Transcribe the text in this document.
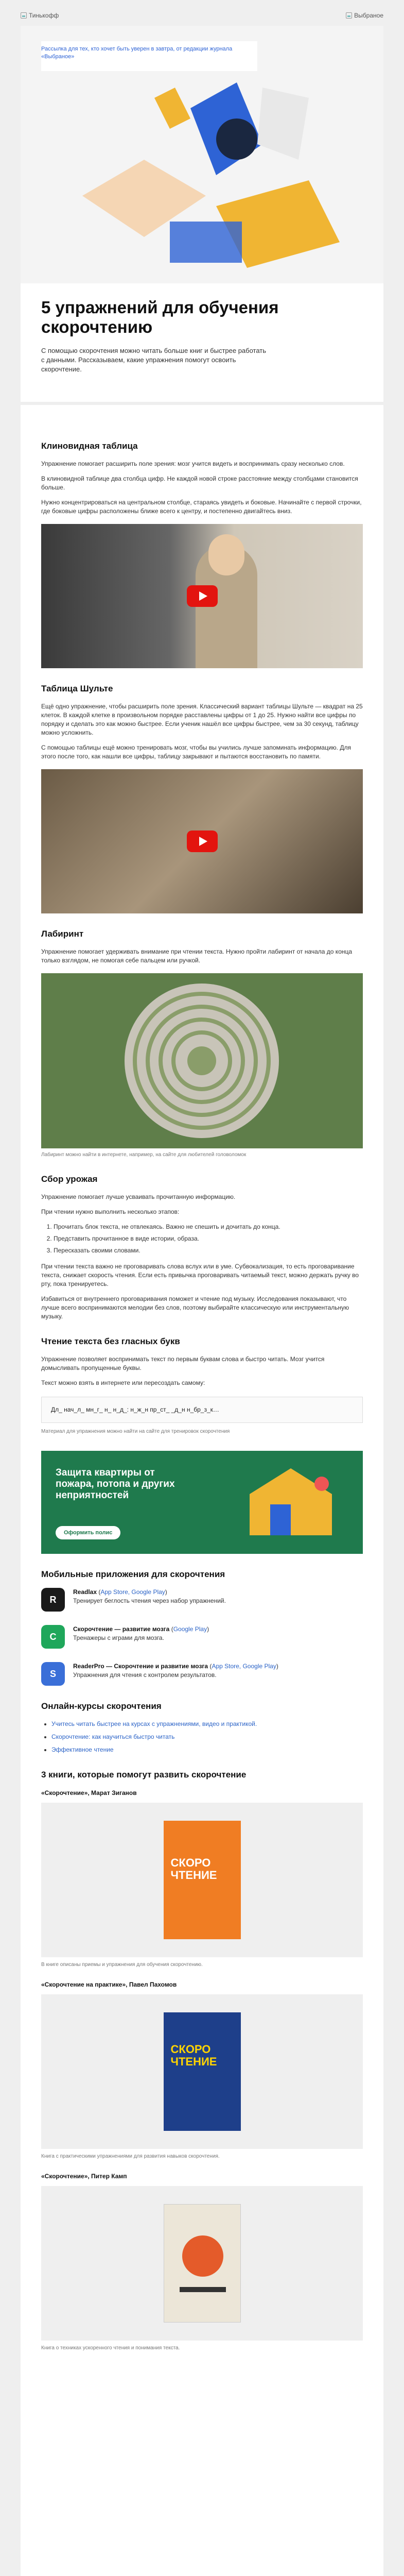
Тинькофф	Выбраное
Рассылка для тех, кто хочет быть уверен в завтра, от редакции журнала «Выбраное»
5 упражнений для обучения скорочтению
С помощью скорочтения можно читать больше книг и быстрее работать с данными. Рассказываем, какие упражнения помогут освоить скорочтение.
Клиновидная таблица

Упражнение помогает расширить поле зрения: мозг учится видеть и воспринимать сразу несколько слов.

В клиновидной таблице два столбца цифр. Не каждой новой строке расстояние между столбцами становится больше.

Нужно концентрироваться на центральном столбце, стараясь увидеть и боковые. Начинайте с первой строчки, где боковые цифры расположены ближе всего к центру, и постепенно двигайтесь вниз.

Таблица Шульте

Ещё одно упражнение, чтобы расширить поле зрения. Классический вариант таблицы Шульте — квадрат на 25 клеток. В каждой клетке в произвольном порядке расставлены цифры от 1 до 25. Нужно найти все цифры по порядку и сделать это как можно быстрее. Если ученик нашёл все цифры быстрее, чем за 30 секунд, таблицу можно усложнить.

С помощью таблицы ещё можно тренировать мозг, чтобы вы учились лучше запоминать информацию. Для этого после того, как нашли все цифры, таблицу закрывают и пытаются восстановить по памяти.

Лабиринт

Упражнение помогает удерживать внимание при чтении текста. Нужно пройти лабиринт от начала до конца только взглядом, не помогая себе пальцем или ручкой.

Лабиринт можно найти в интернете, например, на сайте для любителей головоломок
Сбор урожая

Упражнение помогает лучше усваивать прочитанную информацию.

При чтении нужно выполнить несколько этапов:

1. Прочитать блок текста, не отвлекаясь. Важно не спешить и дочитать до конца.
2. Представить прочитанное в виде истории, образа.
3. Пересказать своими словами.

При чтении текста важно не проговаривать слова вслух или в уме. Субвокализация, то есть проговаривание текста, снижает скорость чтения. Если есть привычка проговаривать читаемый текст, можно держать ручку во рту, пока тренируетесь.

Избавиться от внутреннего проговаривания поможет и чтение под музыку. Исследования показывают, что лучше всего воспринимаются мелодии без слов, поэтому выбирайте классическую или инструментальную музыку.

Чтение текста без гласных букв

Упражнение позволяет воспринимать текст по первым буквам слова и быстро читать. Мозг учится домысливать пропущенные буквы.

Текст можно взять в интернете или пересоздать самому:

Дл_ нач_л_ мн_г_ н_ н_д_: н_ж_н пр_ст_ _д_н н_бр_з_к…
Материал для упражнения можно найти на сайте для тренировок скорочтения
Защита квартиры от пожара, потопа и других неприятностей
Оформить полис
Мобильные приложения для скорочтения
R
Readlax (App Store, Google Play)
Тренирует беглость чтения через набор упражнений.
С
Скорочтение — развитие мозга (Google Play)
Тренажеры с играми для мозга.
S
ReaderPro — Скорочтение и развитие мозга (App Store, Google Play)
Упражнения для чтения с контролем результатов.
Онлайн-курсы скорочтения
• Учитесь читать быстрее на курсах с упражнениями, видео и практикой.
• Скорочтение: как научиться быстро читать
• Эффективное чтение
3 книги, которые помогут развить скорочтение
«Скорочтение», Марат Зиганов
СКОРО ЧТЕНИЕ
В книге описаны приемы и упражнения для обучения скорочтению.
«Скорочтение на практике», Павел Пахомов
СКОРО ЧТЕНИЕ
Книга с практическими упражнениями для развития навыков скорочтения.
«Скорочтение», Питер Камп
Книга о техниках ускоренного чтения и понимания текста.
